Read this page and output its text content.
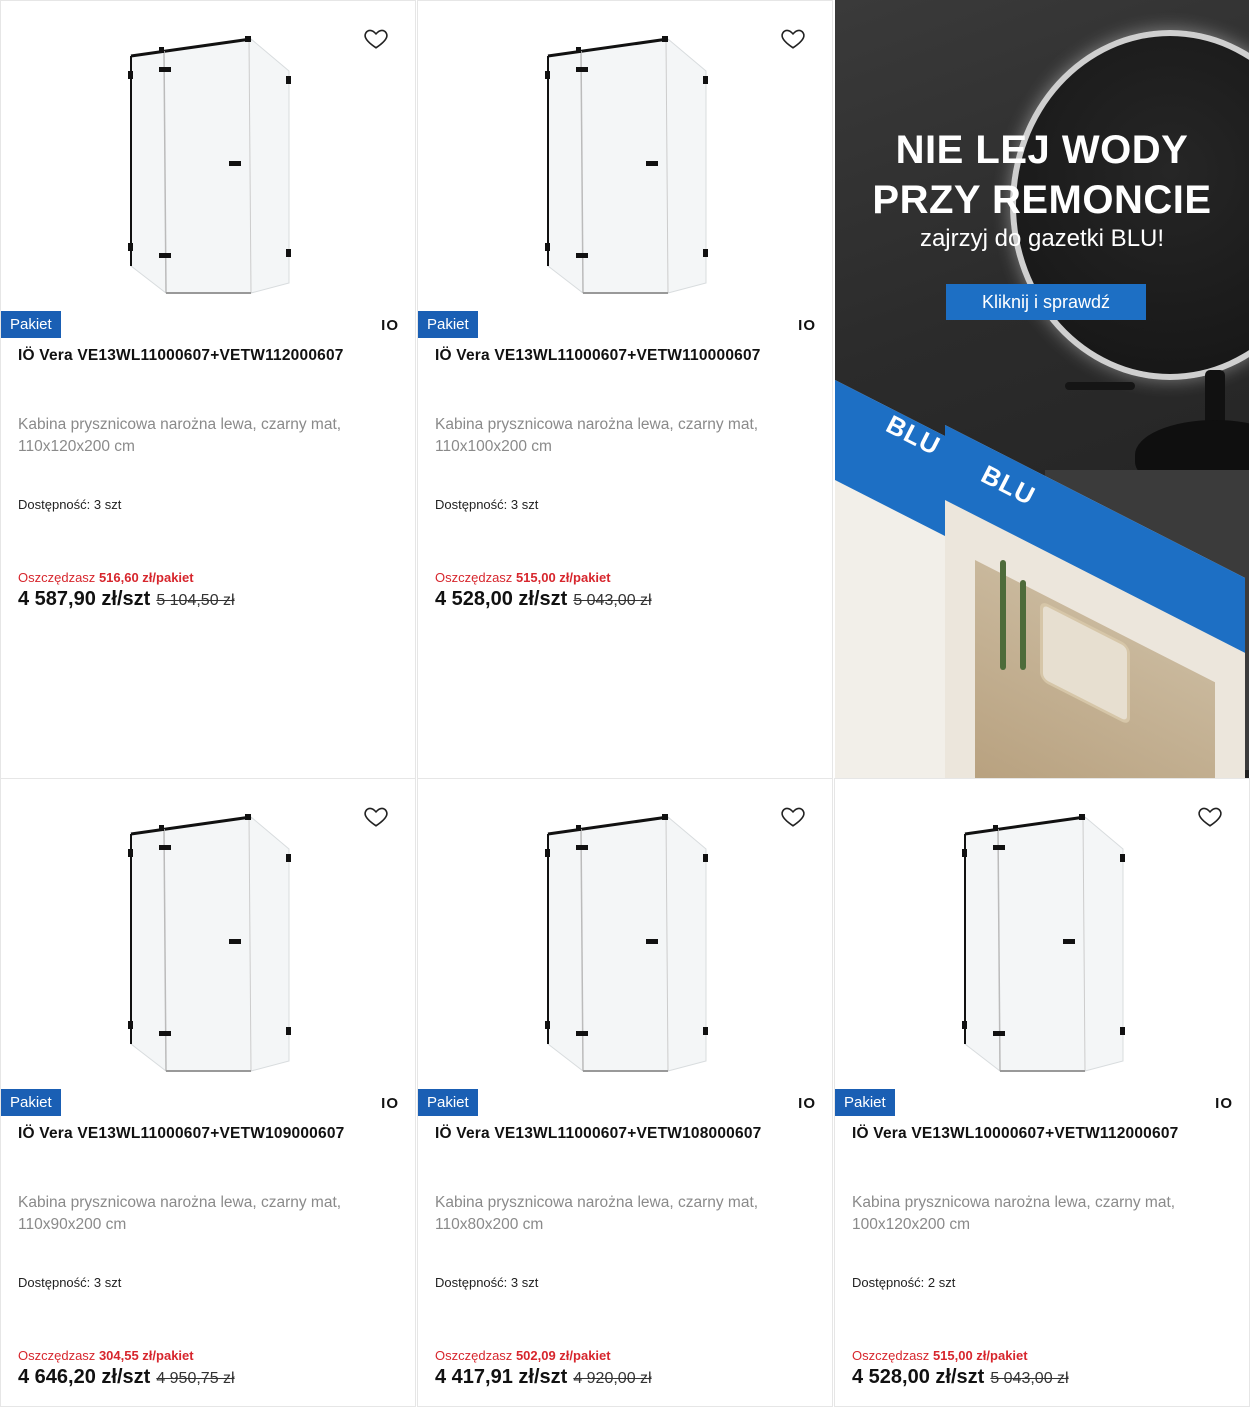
Pakiet	IO
IÖ Vera VE13WL11000607+VETW112000607
Kabina prysznicowa narożna lewa, czarny mat, 110x120x200 cm
Dostępność: 3 szt
Oszczędzasz 516,60 zł/pakiet
4 587,90 zł/szt 5 104,50 zł
Pakiet	IO
IÖ Vera VE13WL11000607+VETW110000607
Kabina prysznicowa narożna lewa, czarny mat, 110x100x200 cm
Dostępność: 3 szt
Oszczędzasz 515,00 zł/pakiet
4 528,00 zł/szt 5 043,00 zł
BLU
BLU
NIE LEJ WODY
PRZY REMONCIE
zajrzyj do gazetki BLU!
Kliknij i sprawdź
Pakiet	IO
IÖ Vera VE13WL11000607+VETW109000607
Kabina prysznicowa narożna lewa, czarny mat, 110x90x200 cm
Dostępność: 3 szt
Oszczędzasz 304,55 zł/pakiet
4 646,20 zł/szt 4 950,75 zł
Pakiet	IO
IÖ Vera VE13WL11000607+VETW108000607
Kabina prysznicowa narożna lewa, czarny mat, 110x80x200 cm
Dostępność: 3 szt
Oszczędzasz 502,09 zł/pakiet
4 417,91 zł/szt 4 920,00 zł
Pakiet	IO
IÖ Vera VE13WL10000607+VETW112000607
Kabina prysznicowa narożna lewa, czarny mat, 100x120x200 cm
Dostępność: 2 szt
Oszczędzasz 515,00 zł/pakiet
4 528,00 zł/szt 5 043,00 zł
